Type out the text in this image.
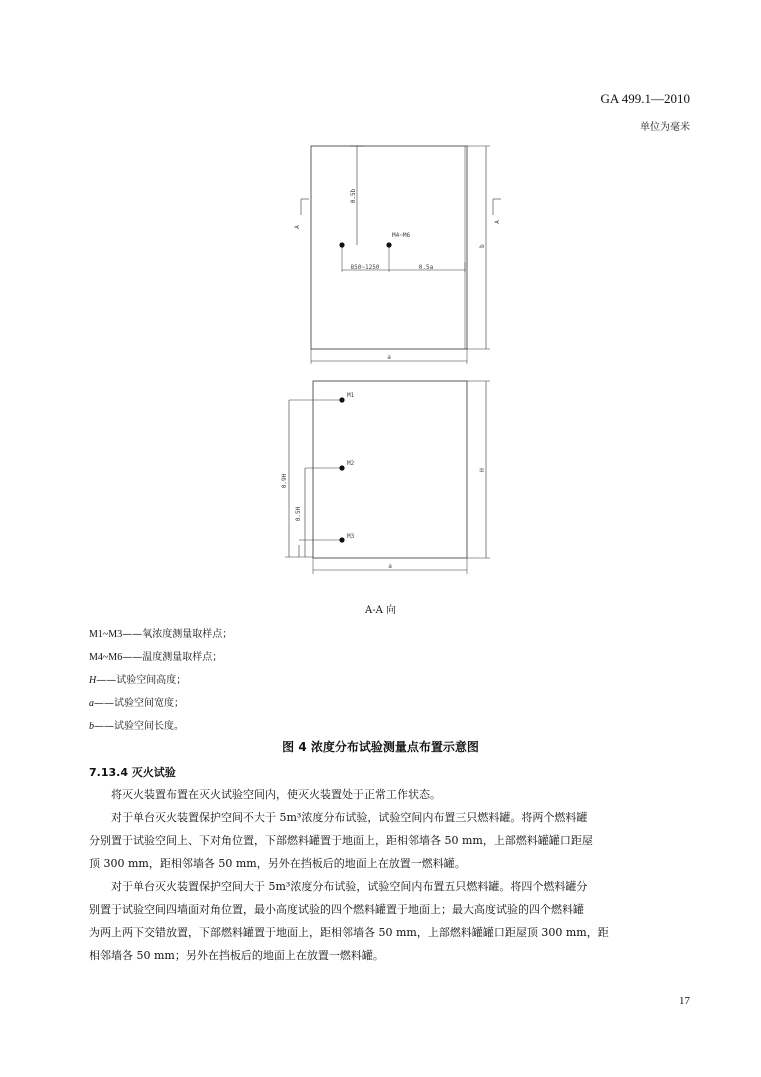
GA 499.1—2010
单位为毫米
0.5b
M4~M6
850~1250	0.5a
A
A
b
a
M1
M2
M3
0.9H
0.5H
H
a
A-A 向
M1~M3——氧浓度测量取样点；
M4~M6——温度测量取样点；
H——试验空间高度；
a——试验空间宽度；
b——试验空间长度。
图 4 浓度分布试验测量点布置示意图
7.13.4 灭火试验

将灭火装置布置在灭火试验空间内，使灭火装置处于正常工作状态。

对于单台灭火装置保护空间不大于 5m³浓度分布试验，试验空间内布置三只燃料罐。将两个燃料罐
分别置于试验空间上、下对角位置，下部燃料罐置于地面上，距相邻墙各 50 mm，上部燃料罐罐口距屋
顶 300 mm，距相邻墙各 50 mm，另外在挡板后的地面上在放置一燃料罐。
对于单台灭火装置保护空间大于 5m³浓度分布试验，试验空间内布置五只燃料罐。将四个燃料罐分
别置于试验空间四墙面对角位置，最小高度试验的四个燃料罐置于地面上；最大高度试验的四个燃料罐
为两上两下交错放置，下部燃料罐置于地面上，距相邻墙各 50 mm，上部燃料罐罐口距屋顶 300 mm，距
相邻墙各 50 mm；另外在挡板后的地面上在放置一燃料罐。
17
